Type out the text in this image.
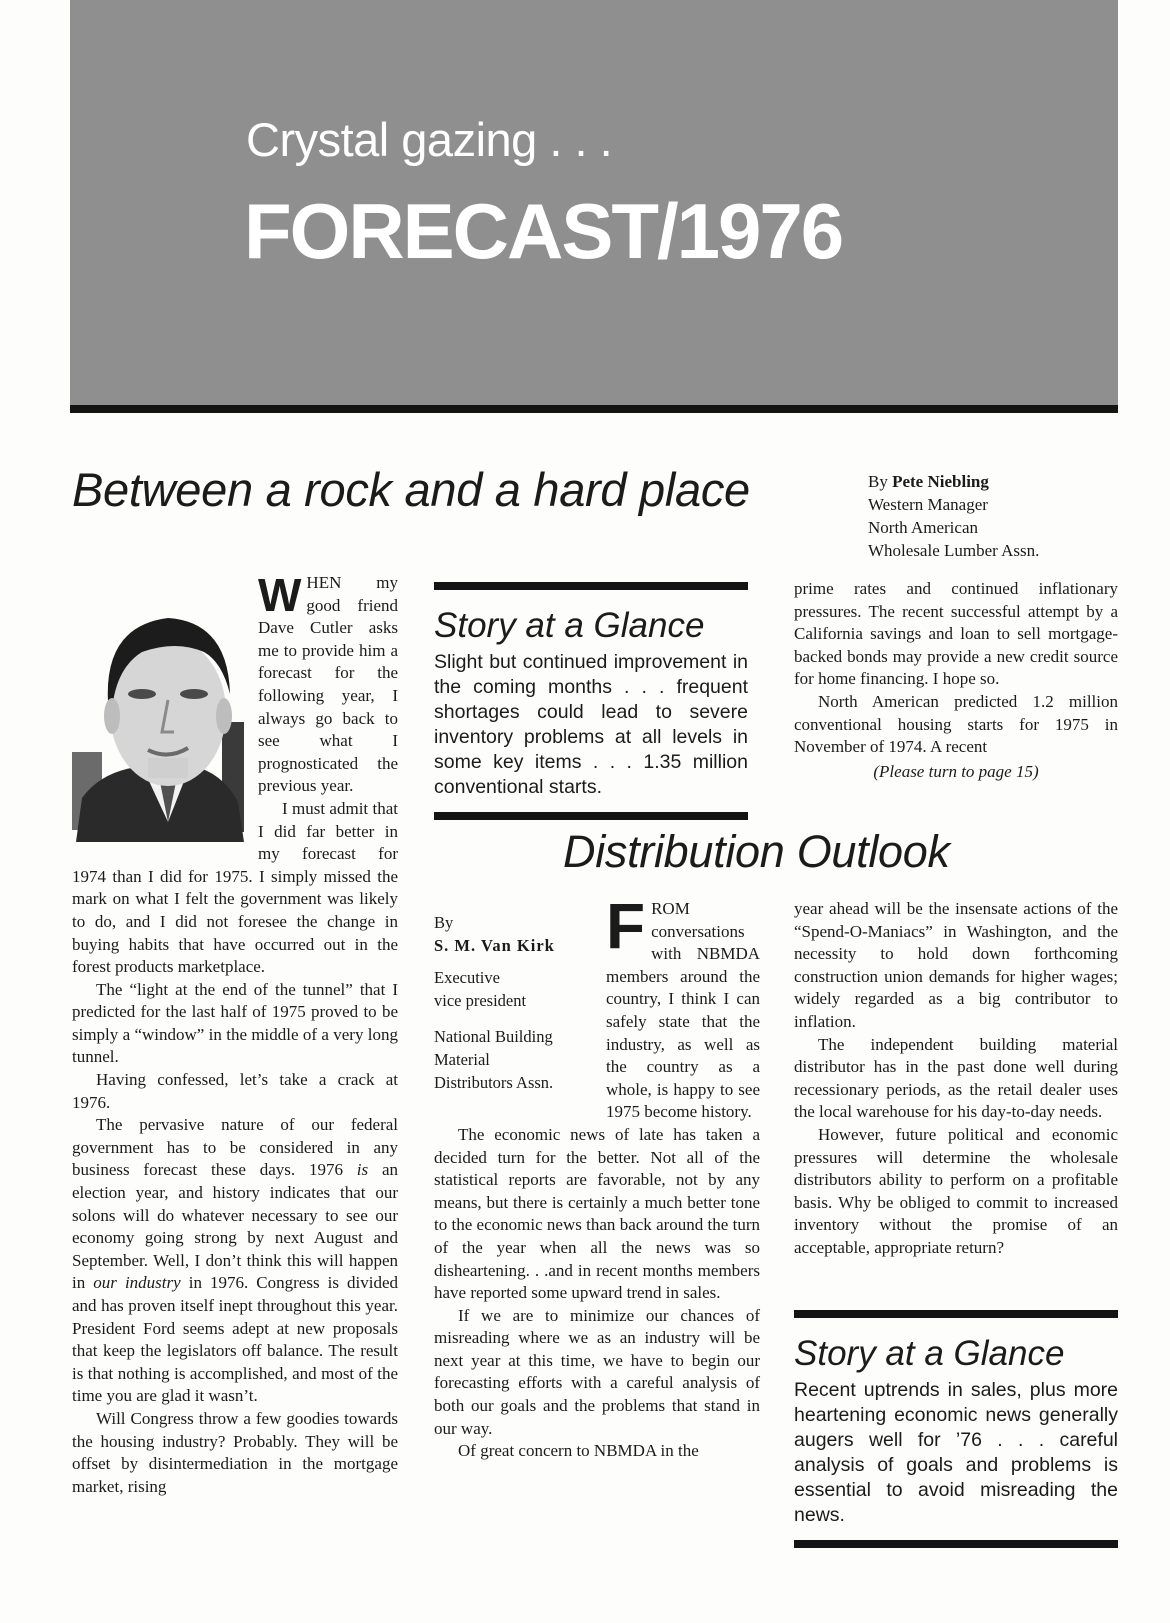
Crystal gazing . . .
FORECAST/1976
Between a rock and a hard place	By Pete Niebling
Western Manager
North American
Wholesale Lumber Assn.

WHEN my good friend Dave Cutler asks me to provide him a forecast for the following year, I always go back to see what I prognosticated the previous year.

I must admit that I did far better in my forecast for 1974 than I did for 1975. I simply missed the mark on what I felt the government was likely to do, and I did not foresee the change in buying habits that have occurred out in the forest products marketplace.

The “light at the end of the tunnel” that I predicted for the last half of 1975 proved to be simply a “window” in the middle of a very long tunnel.

Having confessed, let’s take a crack at 1976.

The pervasive nature of our federal government has to be considered in any business forecast these days. 1976 is an election year, and history indicates that our solons will do whatever necessary to see our economy going strong by next August and September. Well, I don’t think this will happen in our industry in 1976. Congress is divided and has proven itself inept throughout this year. President Ford seems adept at new proposals that keep the legislators off balance. The result is that nothing is accomplished, and most of the time you are glad it wasn’t.

Will Congress throw a few goodies towards the housing industry? Probably. They will be offset by disintermediation in the mortgage market, rising

Story at a Glance
Slight but continued improvement in the coming months . . . frequent shortages could lead to severe inventory problems at all levels in some key items . . . 1.35 million conventional starts.

prime rates and continued inflationary pressures. The recent successful attempt by a California savings and loan to sell mortgage-backed bonds may provide a new credit source for home financing. I hope so.

North American predicted 1.2 million conventional housing starts for 1975 in November of 1974. A recent

(Please turn to page 15)

Distribution Outlook
By
S. M. Van Kirk
Executive
vice president
National Building
Material
Distributors Assn.

FROM conversations with NBMDA members around the country, I think I can safely state that the industry, as well as the country as a whole, is happy to see 1975 become history.

The economic news of late has taken a decided turn for the better. Not all of the statistical reports are favorable, not by any means, but there is certainly a much better tone to the economic news than back around the turn of the year when all the news was so disheartening. . .and in recent months members have reported some upward trend in sales.

If we are to minimize our chances of misreading where we as an industry will be next year at this time, we have to begin our forecasting efforts with a careful analysis of both our goals and the problems that stand in our way.

Of great concern to NBMDA in the

year ahead will be the insensate actions of the “Spend-O-Maniacs” in Washington, and the necessity to hold down forthcoming construction union demands for higher wages; widely regarded as a big contributor to inflation.

The independent building material distributor has in the past done well during recessionary periods, as the retail dealer uses the local warehouse for his day-to-day needs.

However, future political and economic pressures will determine the wholesale distributors ability to perform on a profitable basis. Why be obliged to commit to increased inventory without the promise of an acceptable, appropriate return?

Story at a Glance
Recent uptrends in sales, plus more heartening economic news generally augers well for ’76 . . . careful analysis of goals and problems is essential to avoid misreading the news.
